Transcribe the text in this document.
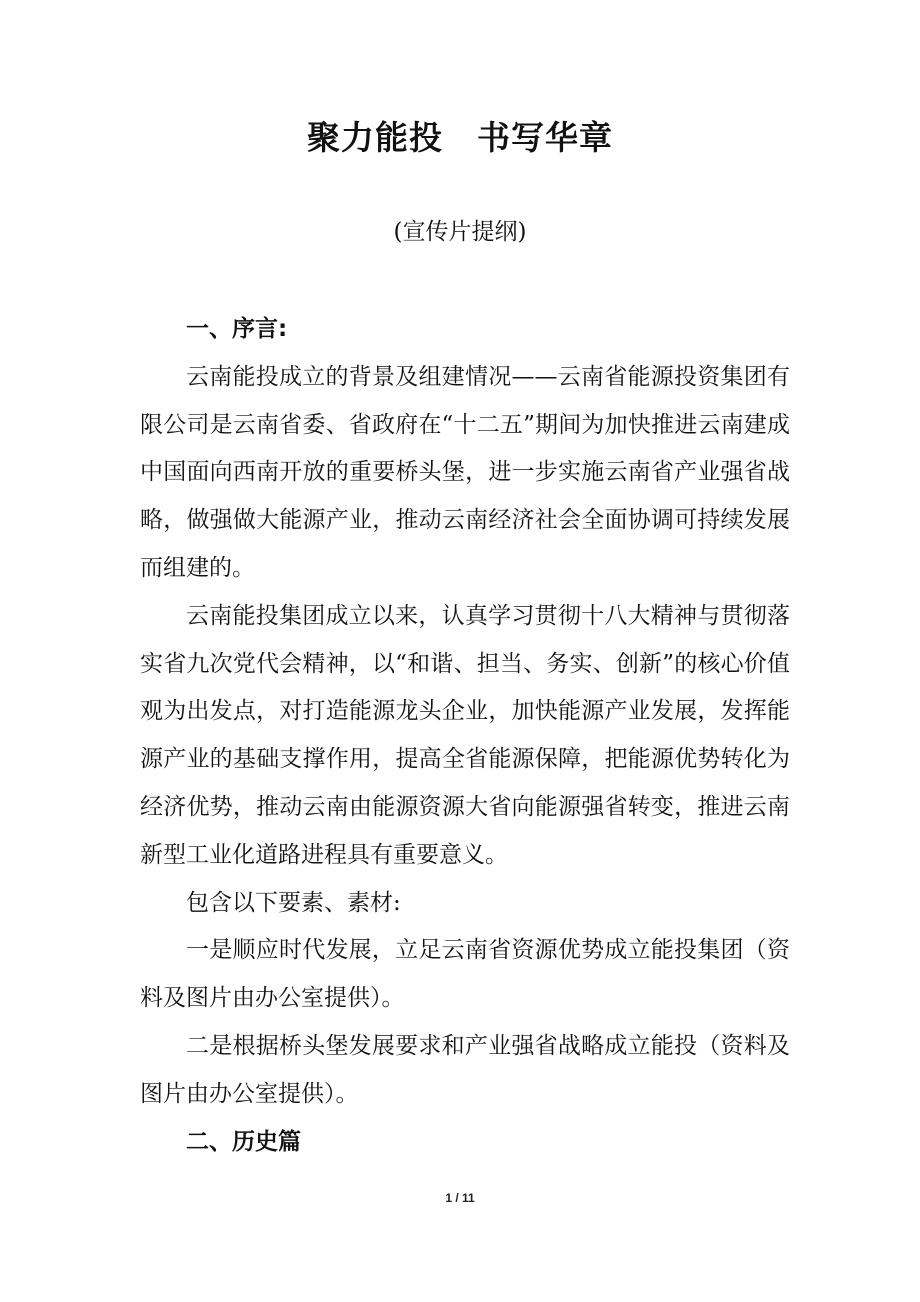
聚力能投　书写华章
(宣传片提纲)

一、序言:

云南能投成立的背景及组建情况——云南省能源投资集团有限公司是云南省委、省政府在“十二五”期间为加快推进云南建成中国面向西南开放的重要桥头堡，进一步实施云南省产业强省战略，做强做大能源产业，推动云南经济社会全面协调可持续发展而组建的。

云南能投集团成立以来，认真学习贯彻十八大精神与贯彻落实省九次党代会精神，以“和谐、担当、务实、创新”的核心价值观为出发点，对打造能源龙头企业，加快能源产业发展，发挥能源产业的基础支撑作用，提高全省能源保障，把能源优势转化为经济优势，推动云南由能源资源大省向能源强省转变，推进云南新型工业化道路进程具有重要意义。

包含以下要素、素材:

一是顺应时代发展，立足云南省资源优势成立能投集团（资料及图片由办公室提供）。

二是根据桥头堡发展要求和产业强省战略成立能投（资料及图片由办公室提供）。

二、历史篇

1 / 11
